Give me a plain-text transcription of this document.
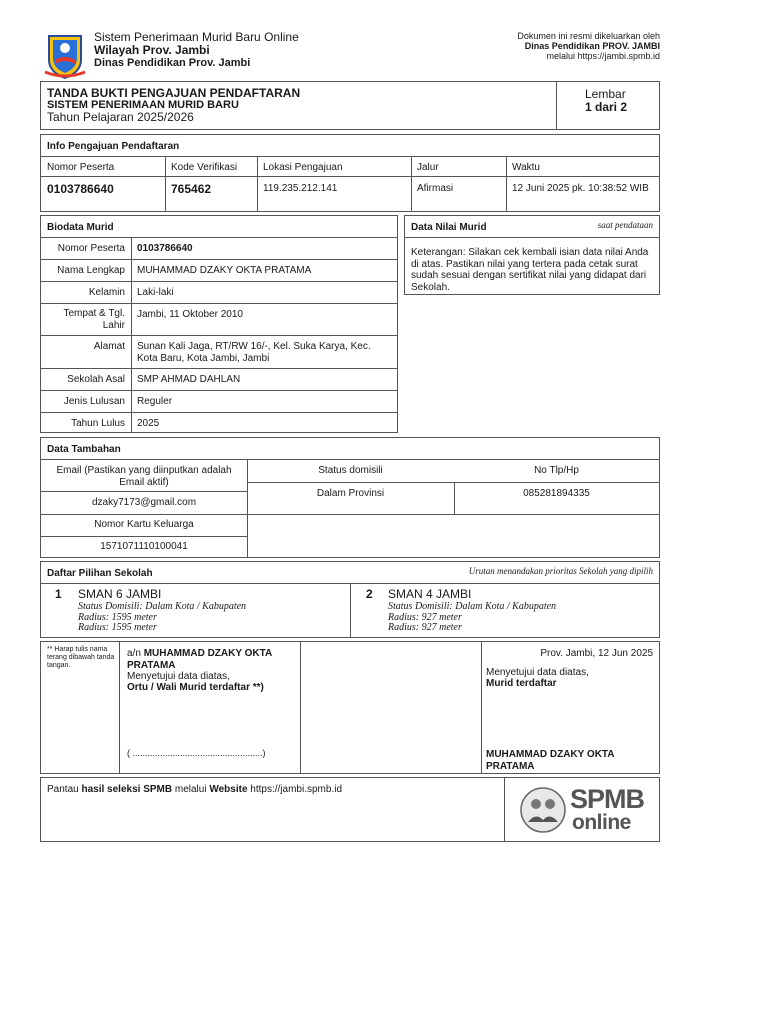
Sistem Penerimaan Murid Baru Online
Wilayah Prov. Jambi
Dinas Pendidikan Prov. Jambi
Dokumen ini resmi dikeluarkan oleh
Dinas Pendidikan PROV. JAMBI
melalui https://jambi.spmb.id
TANDA BUKTI PENGAJUAN PENDAFTARAN
SISTEM PENERIMAAN MURID BARU
Tahun Pelajaran 2025/2026
Lembar
1 dari 2
Info Pengajuan Pendaftaran
Nomor Peserta	Kode Verifikasi	Lokasi Pengajuan	Jalur	Waktu
0103786640	765462	119.235.212.141	Afirmasi	12 Juni 2025 pk. 10:38:52 WIB
Biodata Murid
Nomor Peserta 0103786640
Nama Lengkap MUHAMMAD DZAKY OKTA PRATAMA
Kelamin Laki-laki
Tempat & Tgl. Lahir
Jambi, 11 Oktober 2010
Alamat Sunan Kali Jaga, RT/RW 16/-, Kel. Suka Karya, Kec. Kota Baru, Kota Jambi, Jambi
Sekolah Asal SMP AHMAD DAHLAN
Jenis Lulusan Reguler
Tahun Lulus 2025
Data Nilai Murid	saat pendataan
Keterangan: Silakan cek kembali isian data nilai Anda di atas. Pastikan nilai yang tertera pada cetak surat sudah sesuai dengan sertifikat nilai yang didapat dari Sekolah.
Data Tambahan
Email (Pastikan yang diinputkan adalah Email aktif)
dzaky7173@gmail.com
Nomor Kartu Keluarga
1571071110100041
Status domisili
Dalam Provinsi
No Tlp/Hp
085281894335
Daftar Pilihan Sekolah	Urutan menandakan prioritas Sekolah yang dipilih
1 SMAN 6 JAMBI
Status Domisili: Dalam Kota / Kabupaten
Radius: 1595 meter
Radius: 1595 meter
2 SMAN 4 JAMBI
Status Domisili: Dalam Kota / Kabupaten
Radius: 927 meter
Radius: 927 meter
** Harap tulis nama terang dibawah tanda tangan.
a/n MUHAMMAD DZAKY OKTA PRATAMA
Menyetujui data diatas,
Ortu / Wali Murid terdaftar **)
( ....................................................)
Prov. Jambi, 12 Jun 2025
Menyetujui data diatas,
Murid terdaftar
MUHAMMAD DZAKY OKTA PRATAMA
Pantau hasil seleksi SPMB melalui Website https://jambi.spmb.id	SPMB
online
